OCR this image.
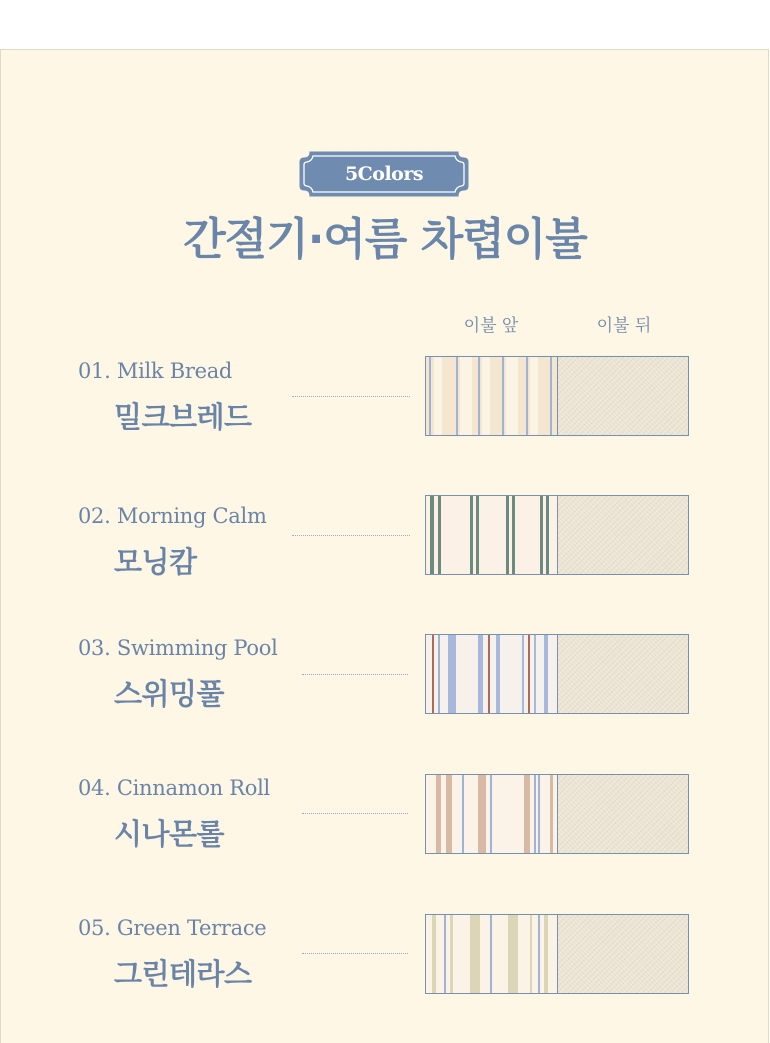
5Colors
간절기·여름 차렵이불
이불 앞	이불 뒤
01. Milk Bread
밀크브레드
02. Morning Calm
모닝캄
03. Swimming Pool
스위밍풀
04. Cinnamon Roll
시나몬롤
05. Green Terrace
그린테라스
